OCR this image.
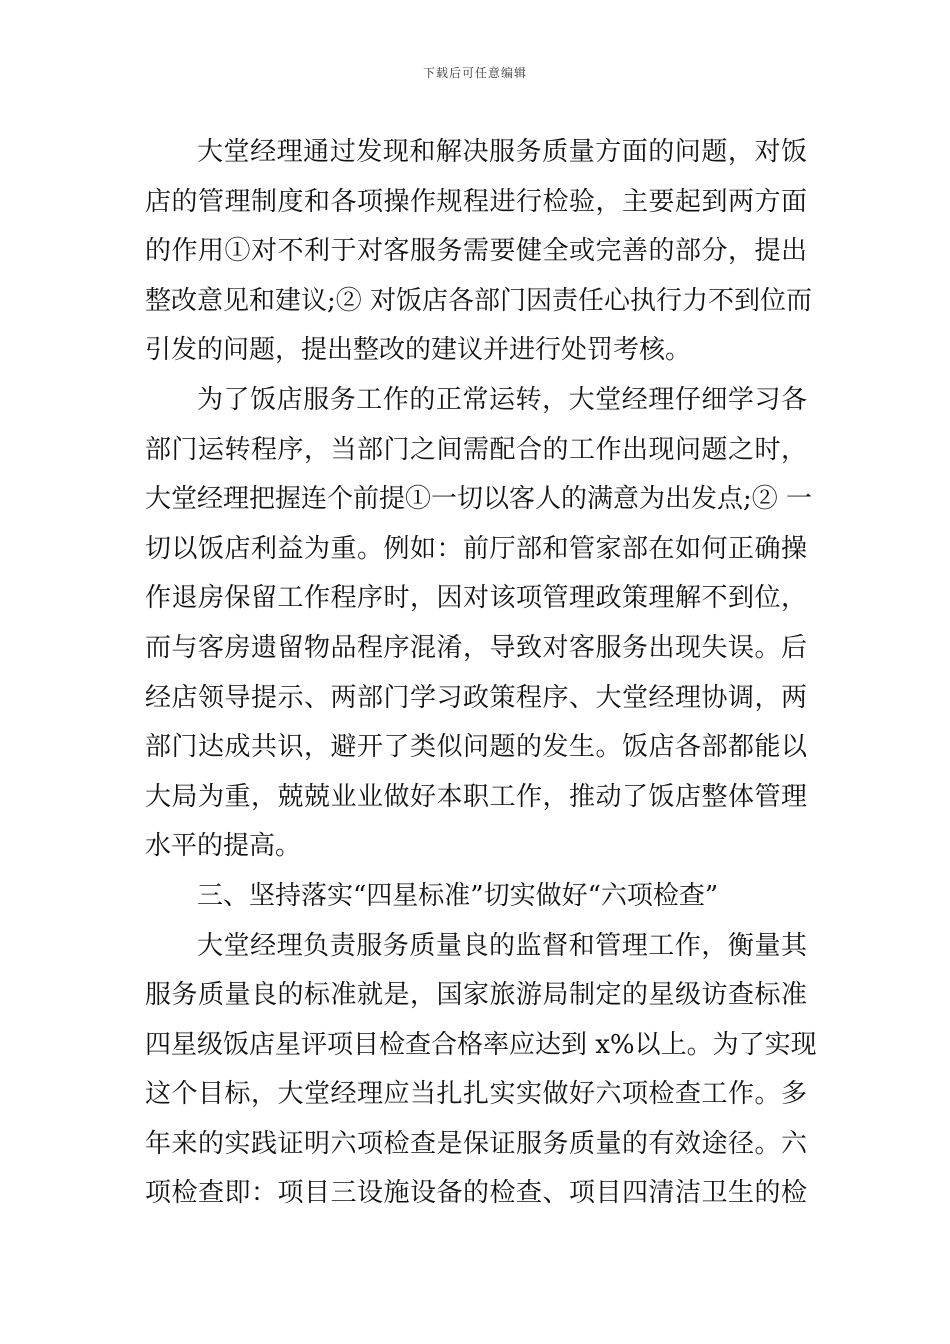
下载后可任意编辑
大堂经理通过发现和解决服务质量方面的问题，对饭
店的管理制度和各项操作规程进行检验，主要起到两方面
的作用①对不利于对客服务需要健全或完善的部分，提出
整改意见和建议;② 对饭店各部门因责任心执行力不到位而
引发的问题，提出整改的建议并进行处罚考核。
为了饭店服务工作的正常运转，大堂经理仔细学习各
部门运转程序，当部门之间需配合的工作出现问题之时，
大堂经理把握连个前提①一切以客人的满意为出发点;② 一
切以饭店利益为重。例如：前厅部和管家部在如何正确操
作退房保留工作程序时，因对该项管理政策理解不到位，
而与客房遗留物品程序混淆，导致对客服务出现失误。后
经店领导提示、两部门学习政策程序、大堂经理协调，两
部门达成共识，避开了类似问题的发生。饭店各部都能以
大局为重，兢兢业业做好本职工作，推动了饭店整体管理
水平的提高。
三、坚持落实“四星标准”切实做好“六项检查”
大堂经理负责服务质量良的监督和管理工作，衡量其
服务质量良的标准就是，国家旅游局制定的星级访查标准
四星级饭店星评项目检查合格率应达到 x%以上。为了实现
这个目标，大堂经理应当扎扎实实做好六项检查工作。多
年来的实践证明六项检查是保证服务质量的有效途径。六
项检查即：项目三设施设备的检查、项目四清洁卫生的检
